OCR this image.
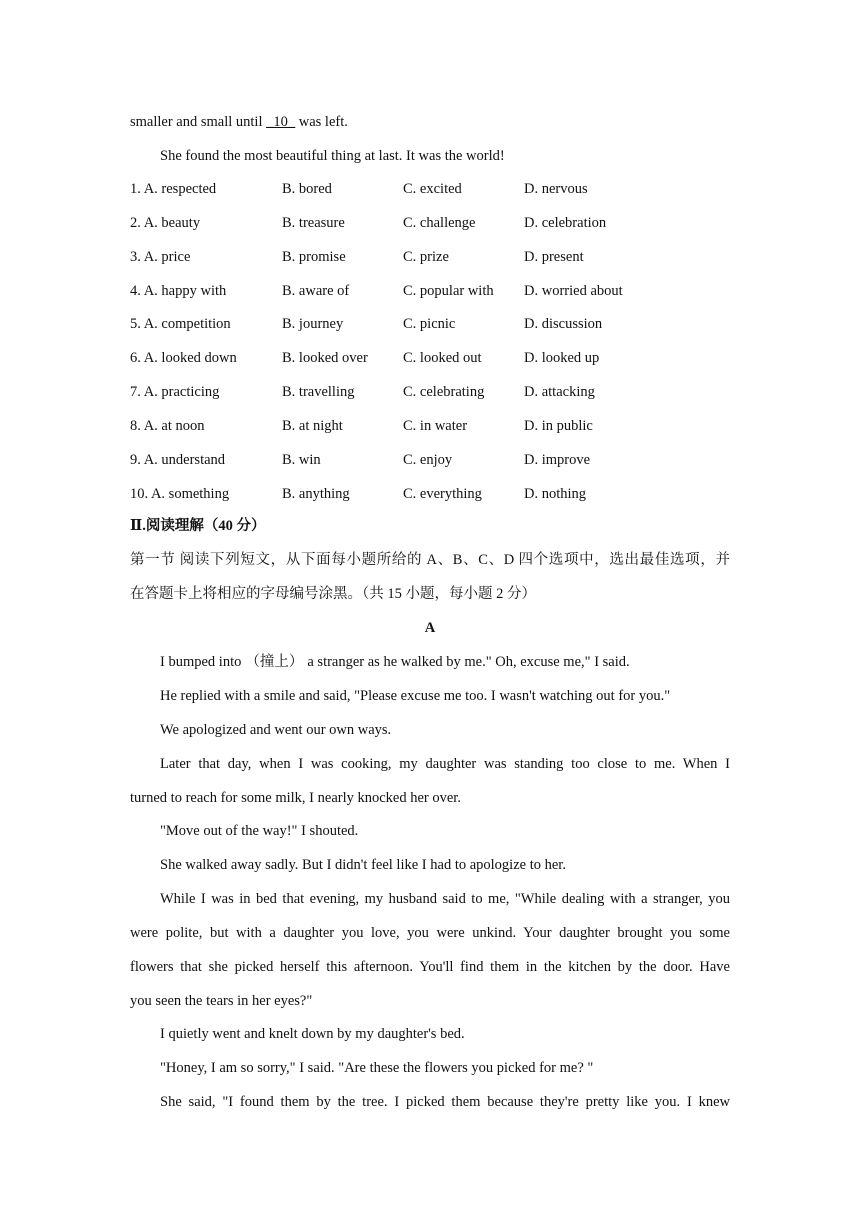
smaller and small until _10_ was left.
She found the most beautiful thing at last. It was the world!
1. A. respected	B. bored	C. excited	D. nervous
2. A. beauty	B. treasure	C. challenge	D. celebration
3. A. price	B. promise	C. prize	D. present
4. A. happy with	B. aware of	C. popular with D. worried about
5. A. competition	B. journey	C. picnic	D. discussion
6. A. looked down	B. looked over C. looked out	D. looked up
7. A. practicing	B. travelling	C. celebrating	D. attacking
8. A. at noon	B. at night	C. in water	D. in public
9. A. understand	B. win	C. enjoy	D. improve
10. A. something	B. anything	C. everything	D. nothing
Ⅱ.阅读理解（40 分）
第一节 阅读下列短文，从下面每小题所给的 A、B、C、D 四个选项中，选出最佳选项，并
在答题卡上将相应的字母编号涂黑。（共 15 小题，每小题 2 分）
A
I bumped into （撞上） a stranger as he walked by me." Oh, excuse me," I said.
He replied with a smile and said, "Please excuse me too. I wasn't watching out for you."
We apologized and went our own ways.
Later that day, when I was cooking, my daughter was standing too close to me. When I
turned to reach for some milk, I nearly knocked her over.
"Move out of the way!" I shouted.
She walked away sadly. But I didn't feel like I had to apologize to her.
While I was in bed that evening, my husband said to me, "While dealing with a stranger, you
were polite, but with a daughter you love, you were unkind. Your daughter brought you some
flowers that she picked herself this afternoon. You'll find them in the kitchen by the door. Have
you seen the tears in her eyes?"
I quietly went and knelt down by my daughter's bed.
"Honey, I am so sorry," I said. "Are these the flowers you picked for me? "
She said, "I found them by the tree. I picked them because they're pretty like you. I knew
